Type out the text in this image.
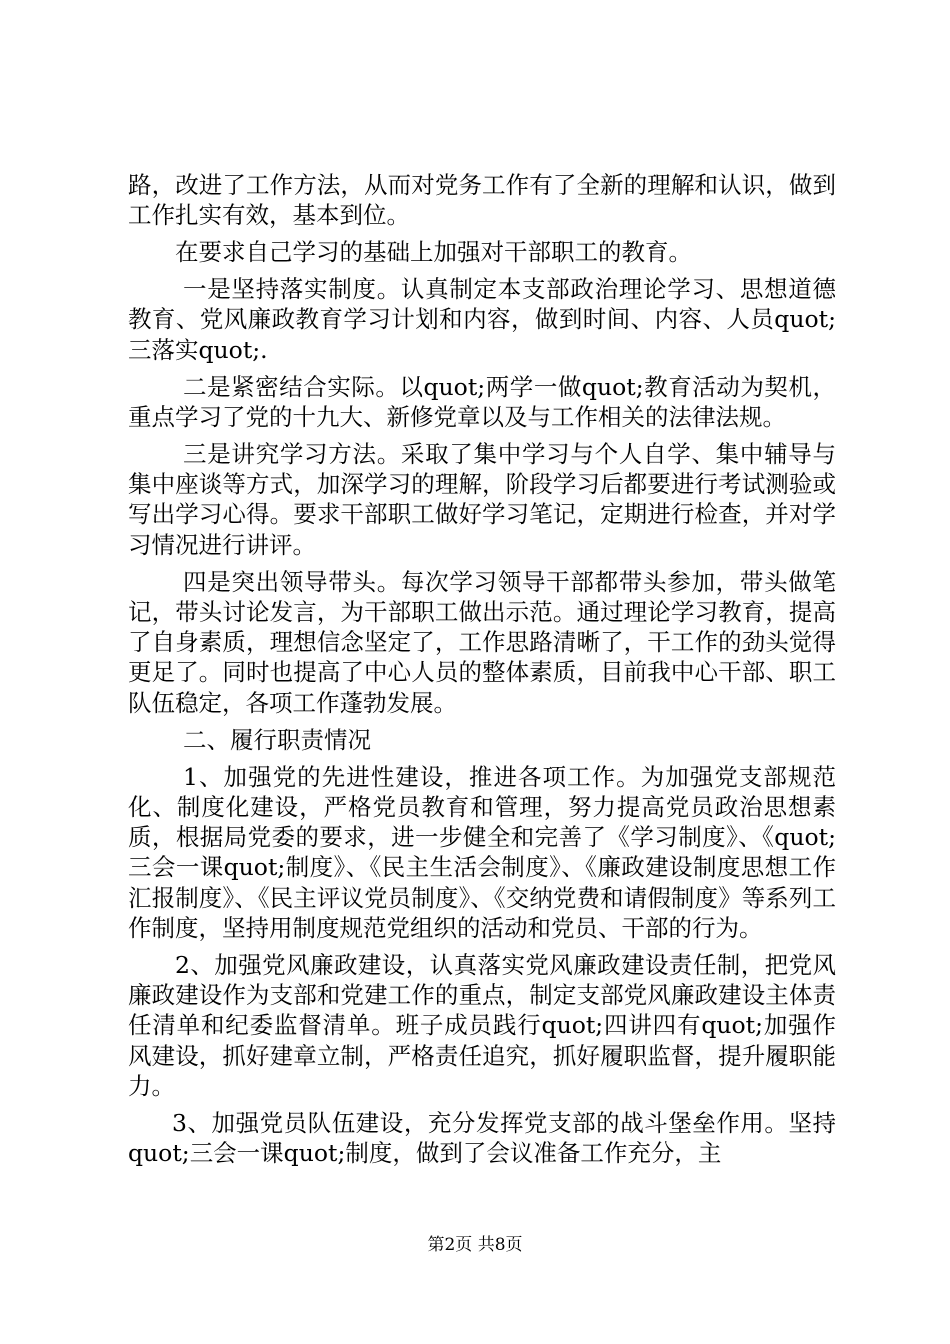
路，改进了工作方法，从而对党务工作有了全新的理解和认识，做到工作扎实有效，基本到位。

在要求自己学习的基础上加强对干部职工的教育。

一是坚持落实制度。认真制定本支部政治理论学习、思想道德教育、党风廉政教育学习计划和内容，做到时间、内容、人员quot;三落实quot;.

二是紧密结合实际。以quot;两学一做quot;教育活动为契机，重点学习了党的十九大、新修党章以及与工作相关的法律法规。

三是讲究学习方法。采取了集中学习与个人自学、集中辅导与集中座谈等方式，加深学习的理解，阶段学习后都要进行考试测验或写出学习心得。要求干部职工做好学习笔记，定期进行检查，并对学习情况进行讲评。

四是突出领导带头。每次学习领导干部都带头参加，带头做笔记，带头讨论发言，为干部职工做出示范。通过理论学习教育，提高了自身素质，理想信念坚定了，工作思路清晰了，干工作的劲头觉得更足了。同时也提高了中心人员的整体素质，目前我中心干部、职工队伍稳定，各项工作蓬勃发展。

二、履行职责情况

1、加强党的先进性建设，推进各项工作。为加强党支部规范化、制度化建设，严格党员教育和管理，努力提高党员政治思想素质，根据局党委的要求，进一步健全和完善了《学习制度》、《quot;三会一课quot;制度》、《民主生活会制度》、《廉政建设制度思想工作汇报制度》、《民主评议党员制度》、《交纳党费和请假制度》等系列工作制度，坚持用制度规范党组织的活动和党员、干部的行为。

2、加强党风廉政建设，认真落实党风廉政建设责任制，把党风廉政建设作为支部和党建工作的重点，制定支部党风廉政建设主体责任清单和纪委监督清单。班子成员践行quot;四讲四有quot;加强作风建设，抓好建章立制，严格责任追究，抓好履职监督，提升履职能力。

3、加强党员队伍建设，充分发挥党支部的战斗堡垒作用。坚持quot;三会一课quot;制度，做到了会议准备工作充分，主

第2页 共8页
